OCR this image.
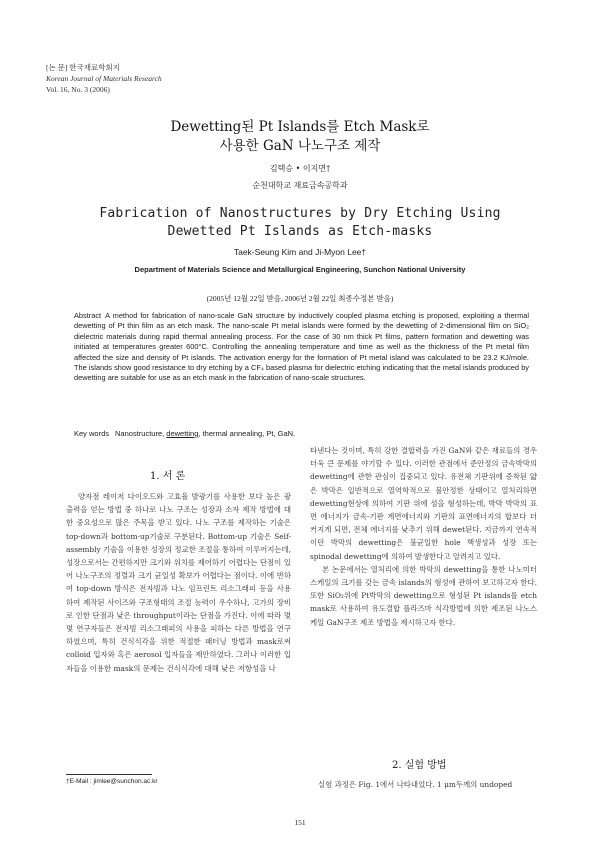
[논 문] 한국재료학회지
Korean Journal of Materials Research
Vol. 16, No. 3 (2006)
Dewetting된 Pt Islands를 Etch Mask로
사용한 GaN 나노구조 제작
김택승 • 이지면†
순천대학교 재료금속공학과
Fabrication of Nanostructures by Dry Etching Using
Dewetted Pt Islands as Etch-masks
Taek-Seung Kim and Ji-Myon Lee†
Department of Materials Science and Metallurgical Engineering, Sunchon National University
(2005년 12월 22일 받음, 2006년 2월 22일 최종수정본 받음)
Abstract A method for fabrication of nano-scale GaN structure by inductively coupled plasma etching is proposed, exploiting a thermal dewetting of Pt thin film as an etch mask. The nano-scale Pt metal islands were formed by the dewetting of 2-dimensional film on SiO₂ dielectric materials during rapid thermal annealing process. For the case of 30 nm thick Pt films, pattern formation and dewetting was initiated at temperatures greater 600°C. Controlling the annealing temperature and time as well as the thickness of the Pt metal film affected the size and density of Pt islands. The activation energy for the formation of Pt metal island was calculated to be 23.2 KJ/mole. The islands show good resistance to dry etching by a CF₄ based plasma for dielectric etching indicating that the metal islands produced by dewetting are suitable for use as an etch mask in the fabrication of nano-scale structures.
Key words Nanostructure, dewetting, thermal annealing, Pt, GaN.
1. 서 론
양자점 레이저 다이오드와 고효율 발광기를 사용한 보다 높은 광 출력을 얻는 방법 중 하나로 나노 구조는 성장과 소자 제작 방법에 대한 중요성으로 많은 주목을 받고 있다. 나노 구조를 제작하는 기술은 top-down과 bottom-up기술로 구분된다. Bottom-up 기술은 Self-assembly 기술을 이용한 성장의 정교한 조절을 통하여 이루어지는데, 성장으로서는 간편하지만 크기와 위치를 제어하기 어렵다는 단점이 있어 나노구조의 정렬과 크기 균일성 확보가 어렵다는 점이다. 이에 반하여 top-down 방식은 전자빔과 나노 임프린트 리소그래피 등을 사용하여 제작된 사이즈와 구조형태의 조절 능력이 우수하나, 고가의 장비로 인한 단점과 낮은 throughput이라는 단점을 가진다. 이에 따라 몇몇 연구자들은 전자빔 리소그래피의 사용을 피하는 다른 방법을 연구하였으며, 특히 건식식각을 위한 적절한 패터닝 방법과 mask로써 colloid 입자와 혹은 aerosol 입자들을 제안하였다. 그러나 이러한 입자들을 이용한 mask의 문제는 건식식각에 대해 낮은 저항성을 나
타낸다는 것이며, 특히 강한 결합력을 가진 GaN와 같은 재료들의 경우 더욱 큰 문제를 야기할 수 있다. 이러한 관점에서 준안정의 금속박막의 dewetting에 관한 관심이 집중되고 있다. 유전체 기판위에 증착된 얇은 박막은 일반적으로 열역학적으로 불안정한 상태이고 열처리하면 dewetting현상에 의하여 기판 위에 섬을 형성하는데, 박막 박막의 표면 에너지가 금속-기판 계면에너지와 기판의 표면에너지의 합보다 더 커지게 되면, 전체 에너지를 낮추기 위해 dewet된다. 지금까지 연속적이던 박막의 dewetting은 불균일한 hole 핵생성과 성장 또는 spinodal dewetting에 의하여 발생한다고 알려지고 있다.
본 논문에서는 열처리에 의한 박막의 dewetting을 통한 나노미터 스케일의 크기를 갖는 금속 islands의 형성에 관하여 보고하고자 한다. 또한 SiO₂위에 Pt박막의 dewetting으로 형성된 Pt islands를 etch mask로 사용하여 유도결합 플라즈마 식각방법에 의한 제조된 나노스케일 GaN구조 제조 방법을 제시하고자 한다.
2. 실험 방법
실험 과정은 Fig. 1에서 나타내었다. 1 μm두께의 undoped
†E-Mail : jimlee@sunchon.ac.kr
151
